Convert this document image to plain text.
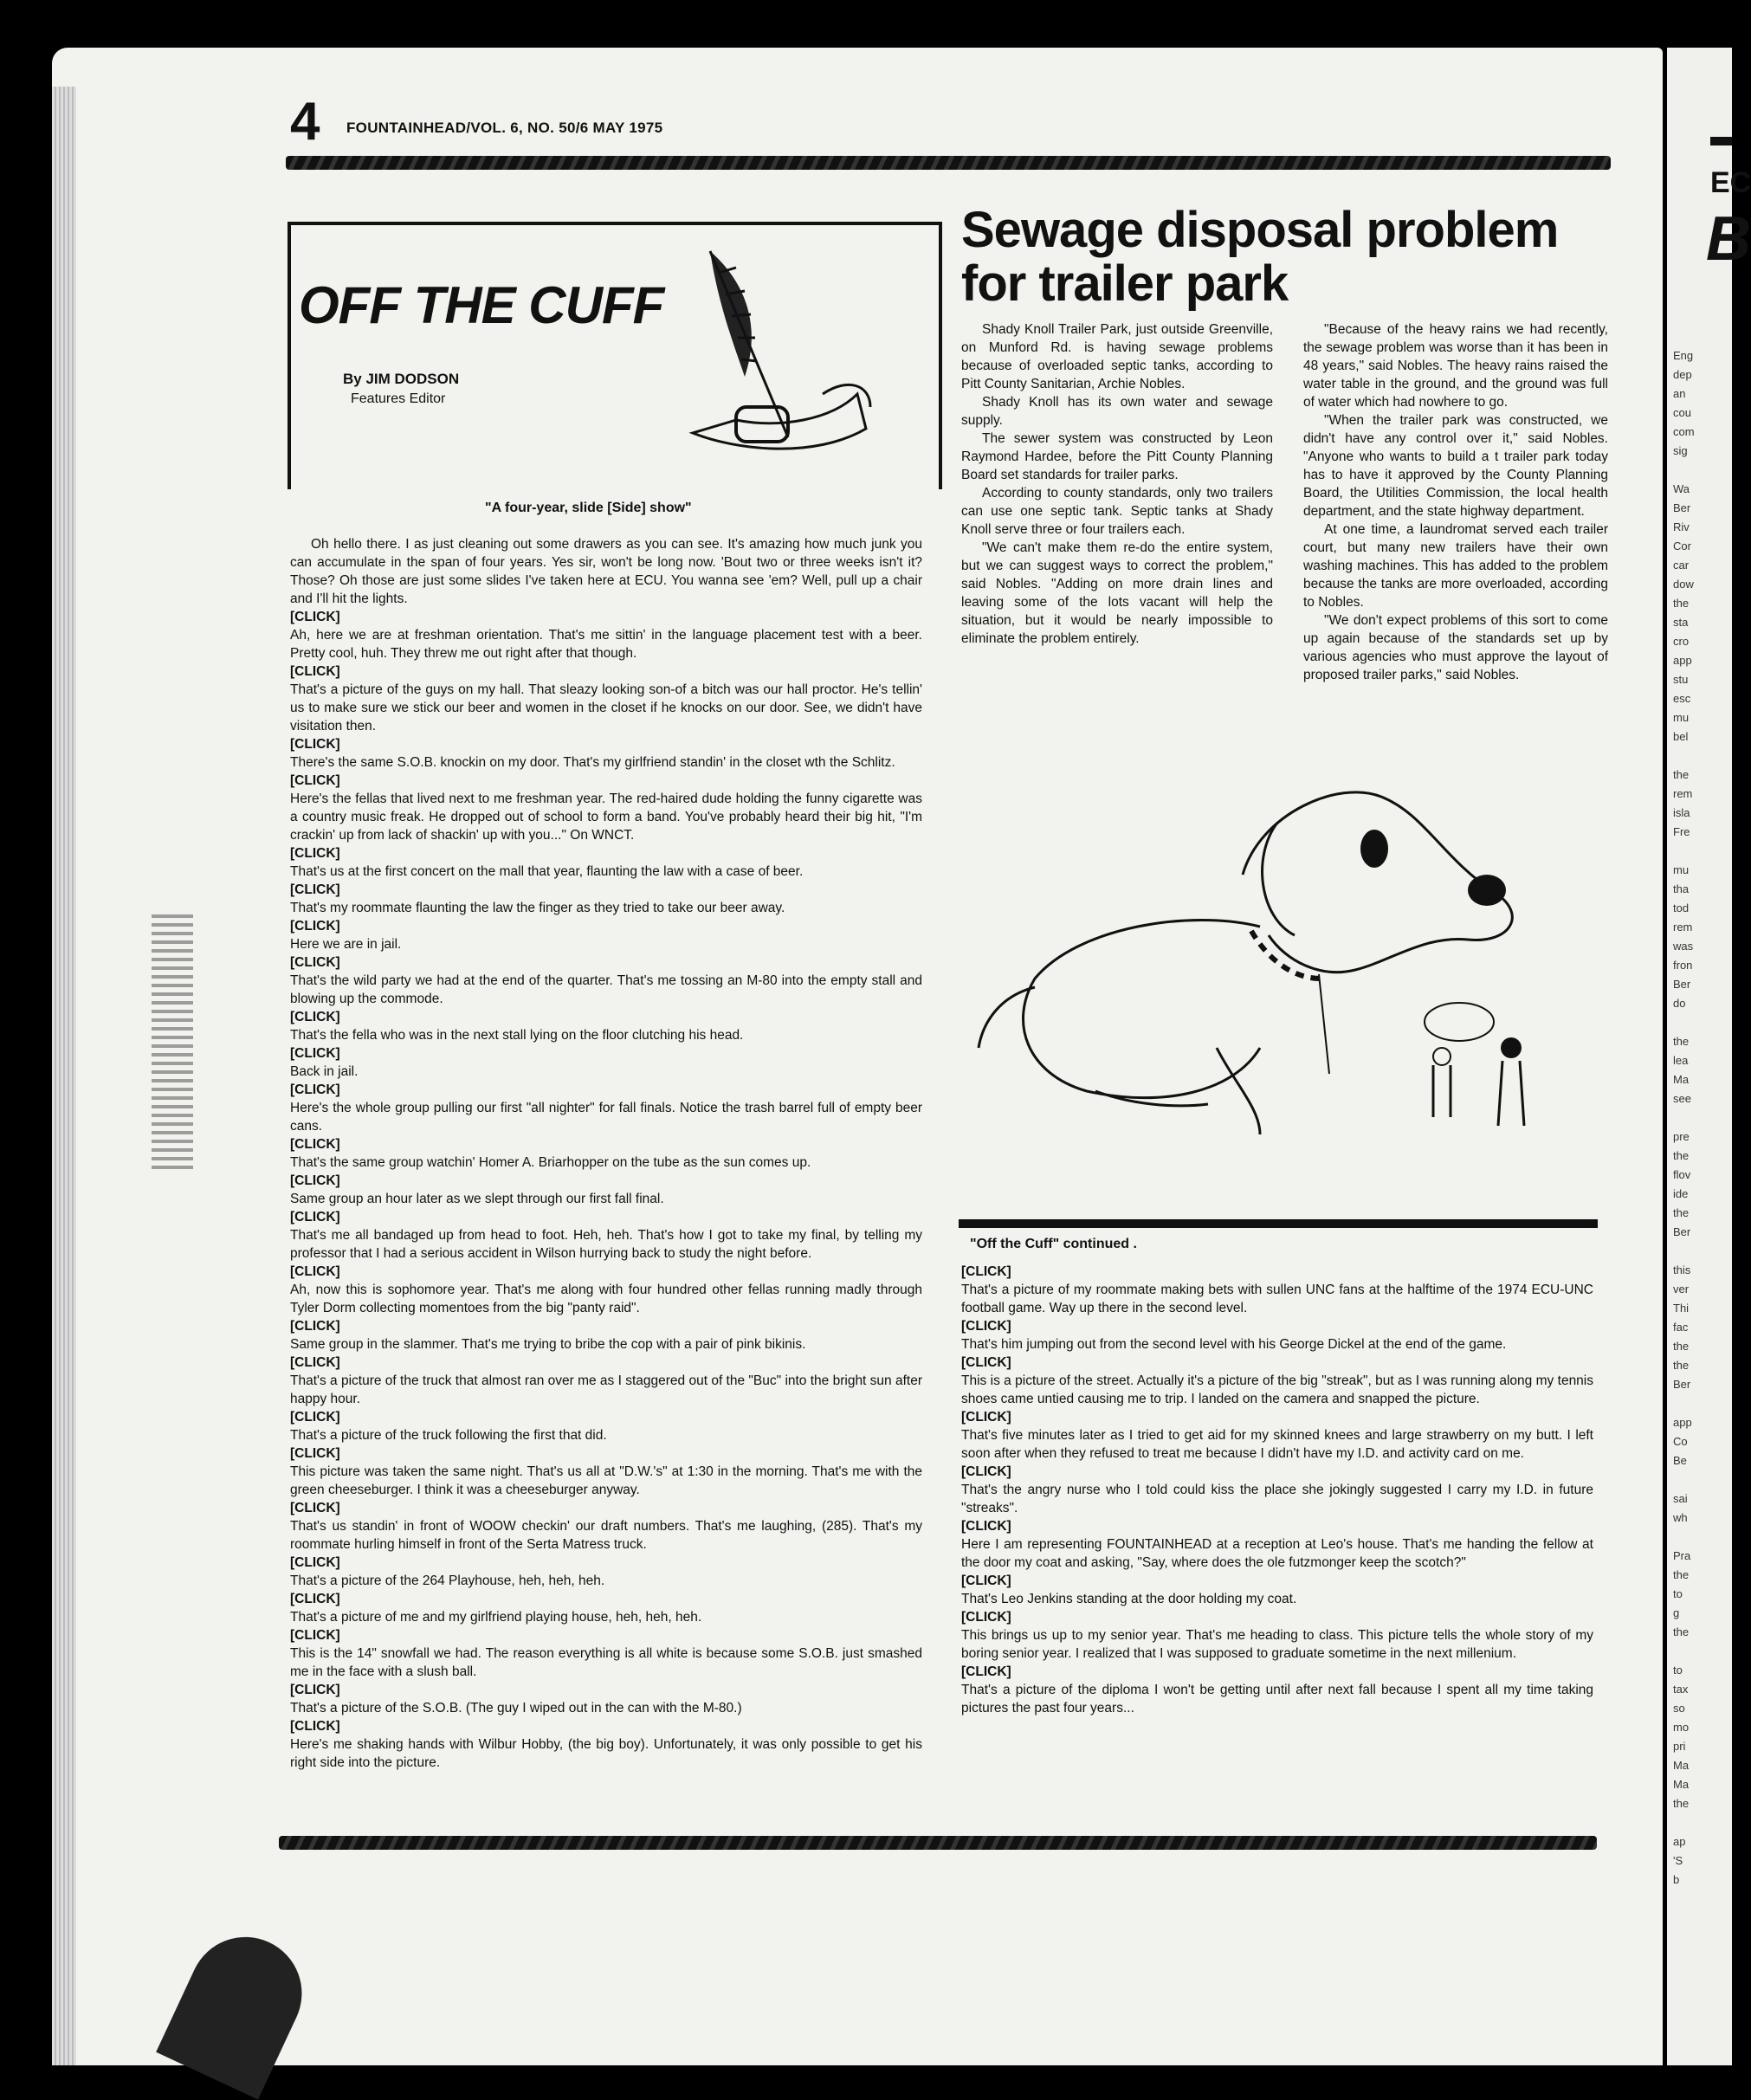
EC
B
Eng
dep
an
cou
com
sig

Wa
Ber
Riv
Cor
car
dow
the
sta
cro
app
stu
esc
mu
bel

the
rem
isla
Fre

mu
tha
tod
rem
was
fron
Ber
do

the
lea
Ma
see

pre
the
flov
ide
the
Ber

this
ver
Thi
fac
the
the
Ber

app
Co
Be

sai
wh

Pra
the
to
g
the

to
tax
so
mo
pri
Ma
Ma
the

ap
'S
b
4 FOUNTAINHEAD/VOL. 6, NO. 50/6 MAY 1975
OFF THE CUFF
By JIM DODSON
Features Editor
"A four-year, slide [Side] show"

Oh hello there. I as just cleaning out some drawers as you can see. It's amazing how much junk you can accumulate in the span of four years. Yes sir, won't be long now. 'Bout two or three weeks isn't it? Those? Oh those are just some slides I've taken here at ECU. You wanna see 'em? Well, pull up a chair and I'll hit the lights.

[CLICK]

Ah, here we are at freshman orientation. That's me sittin' in the language placement test with a beer. Pretty cool, huh. They threw me out right after that though.

[CLICK]

That's a picture of the guys on my hall. That sleazy looking son-of a bitch was our hall proctor. He's tellin' us to make sure we stick our beer and women in the closet if he knocks on our door. See, we didn't have visitation then.

[CLICK]

There's the same S.O.B. knockin on my door. That's my girlfriend standin' in the closet wth the Schlitz.

[CLICK]

Here's the fellas that lived next to me freshman year. The red-haired dude holding the funny cigarette was a country music freak. He dropped out of school to form a band. You've probably heard their big hit, "I'm crackin' up from lack of shackin' up with you..." On WNCT.

[CLICK]

That's us at the first concert on the mall that year, flaunting the law with a case of beer.

[CLICK]

That's my roommate flaunting the law the finger as they tried to take our beer away.

[CLICK]

Here we are in jail.

[CLICK]

That's the wild party we had at the end of the quarter. That's me tossing an M-80 into the empty stall and blowing up the commode.

[CLICK]

That's the fella who was in the next stall lying on the floor clutching his head.

[CLICK]

Back in jail.

[CLICK]

Here's the whole group pulling our first "all nighter" for fall finals. Notice the trash barrel full of empty beer cans.

[CLICK]

That's the same group watchin' Homer A. Briarhopper on the tube as the sun comes up.

[CLICK]

Same group an hour later as we slept through our first fall final.

[CLICK]

That's me all bandaged up from head to foot. Heh, heh. That's how I got to take my final, by telling my professor that I had a serious accident in Wilson hurrying back to study the night before.

[CLICK]

Ah, now this is sophomore year. That's me along with four hundred other fellas running madly through Tyler Dorm collecting momentoes from the big "panty raid".

[CLICK]

Same group in the slammer. That's me trying to bribe the cop with a pair of pink bikinis.

[CLICK]

That's a picture of the truck that almost ran over me as I staggered out of the "Buc" into the bright sun after happy hour.

[CLICK]

That's a picture of the truck following the first that did.

[CLICK]

This picture was taken the same night. That's us all at "D.W.'s" at 1:30 in the morning. That's me with the green cheeseburger. I think it was a cheeseburger anyway.

[CLICK]

That's us standin' in front of WOOW checkin' our draft numbers. That's me laughing, (285). That's my roommate hurling himself in front of the Serta Matress truck.

[CLICK]

That's a picture of the 264 Playhouse, heh, heh, heh.

[CLICK]

That's a picture of me and my girlfriend playing house, heh, heh, heh.

[CLICK]

This is the 14" snowfall we had. The reason everything is all white is because some S.O.B. just smashed me in the face with a slush ball.

[CLICK]

That's a picture of the S.O.B. (The guy I wiped out in the can with the M-80.)

[CLICK]

Here's me shaking hands with Wilbur Hobby, (the big boy). Unfortunately, it was only possible to get his right side into the picture.

Sewage disposal problem
for trailer park

Shady Knoll Trailer Park, just outside Greenville, on Munford Rd. is having sewage problems because of overloaded septic tanks, according to Pitt County Sanitarian, Archie Nobles.

Shady Knoll has its own water and sewage supply.

The sewer system was constructed by Leon Raymond Hardee, before the Pitt County Planning Board set standards for trailer parks.

According to county standards, only two trailers can use one septic tank. Septic tanks at Shady Knoll serve three or four trailers each.

"We can't make them re-do the entire system, but we can suggest ways to correct the problem," said Nobles. "Adding on more drain lines and leaving some of the lots vacant will help the situation, but it would be nearly impossible to eliminate the problem entirely.

"Because of the heavy rains we had recently, the sewage problem was worse than it has been in 48 years," said Nobles. The heavy rains raised the water table in the ground, and the ground was full of water which had nowhere to go.

"When the trailer park was constructed, we didn't have any control over it," said Nobles. "Anyone who wants to build a t trailer park today has to have it approved by the County Planning Board, the Utilities Commission, the local health department, and the state highway department.

At one time, a laundromat served each trailer court, but many new trailers have their own washing machines. This has added to the problem because the tanks are more overloaded, according to Nobles.

"We don't expect problems of this sort to come up again because of the standards set up by various agencies who must approve the layout of proposed trailer parks," said Nobles.

"Off the Cuff" continued .

[CLICK]

That's a picture of my roommate making bets with sullen UNC fans at the halftime of the 1974 ECU-UNC football game. Way up there in the second level.

[CLICK]

That's him jumping out from the second level with his George Dickel at the end of the game.

[CLICK]

This is a picture of the street. Actually it's a picture of the big "streak", but as I was running along my tennis shoes came untied causing me to trip. I landed on the camera and snapped the picture.

[CLICK]

That's five minutes later as I tried to get aid for my skinned knees and large strawberry on my butt. I left soon after when they refused to treat me because I didn't have my I.D. and activity card on me.

[CLICK]

That's the angry nurse who I told could kiss the place she jokingly suggested I carry my I.D. in future "streaks".

[CLICK]

Here I am representing FOUNTAINHEAD at a reception at Leo's house. That's me handing the fellow at the door my coat and asking, "Say, where does the ole futzmonger keep the scotch?"

[CLICK]

That's Leo Jenkins standing at the door holding my coat.

[CLICK]

This brings us up to my senior year. That's me heading to class. This picture tells the whole story of my boring senior year. I realized that I was supposed to graduate sometime in the next millenium.

[CLICK]

That's a picture of the diploma I won't be getting until after next fall because I spent all my time taking pictures the past four years...
